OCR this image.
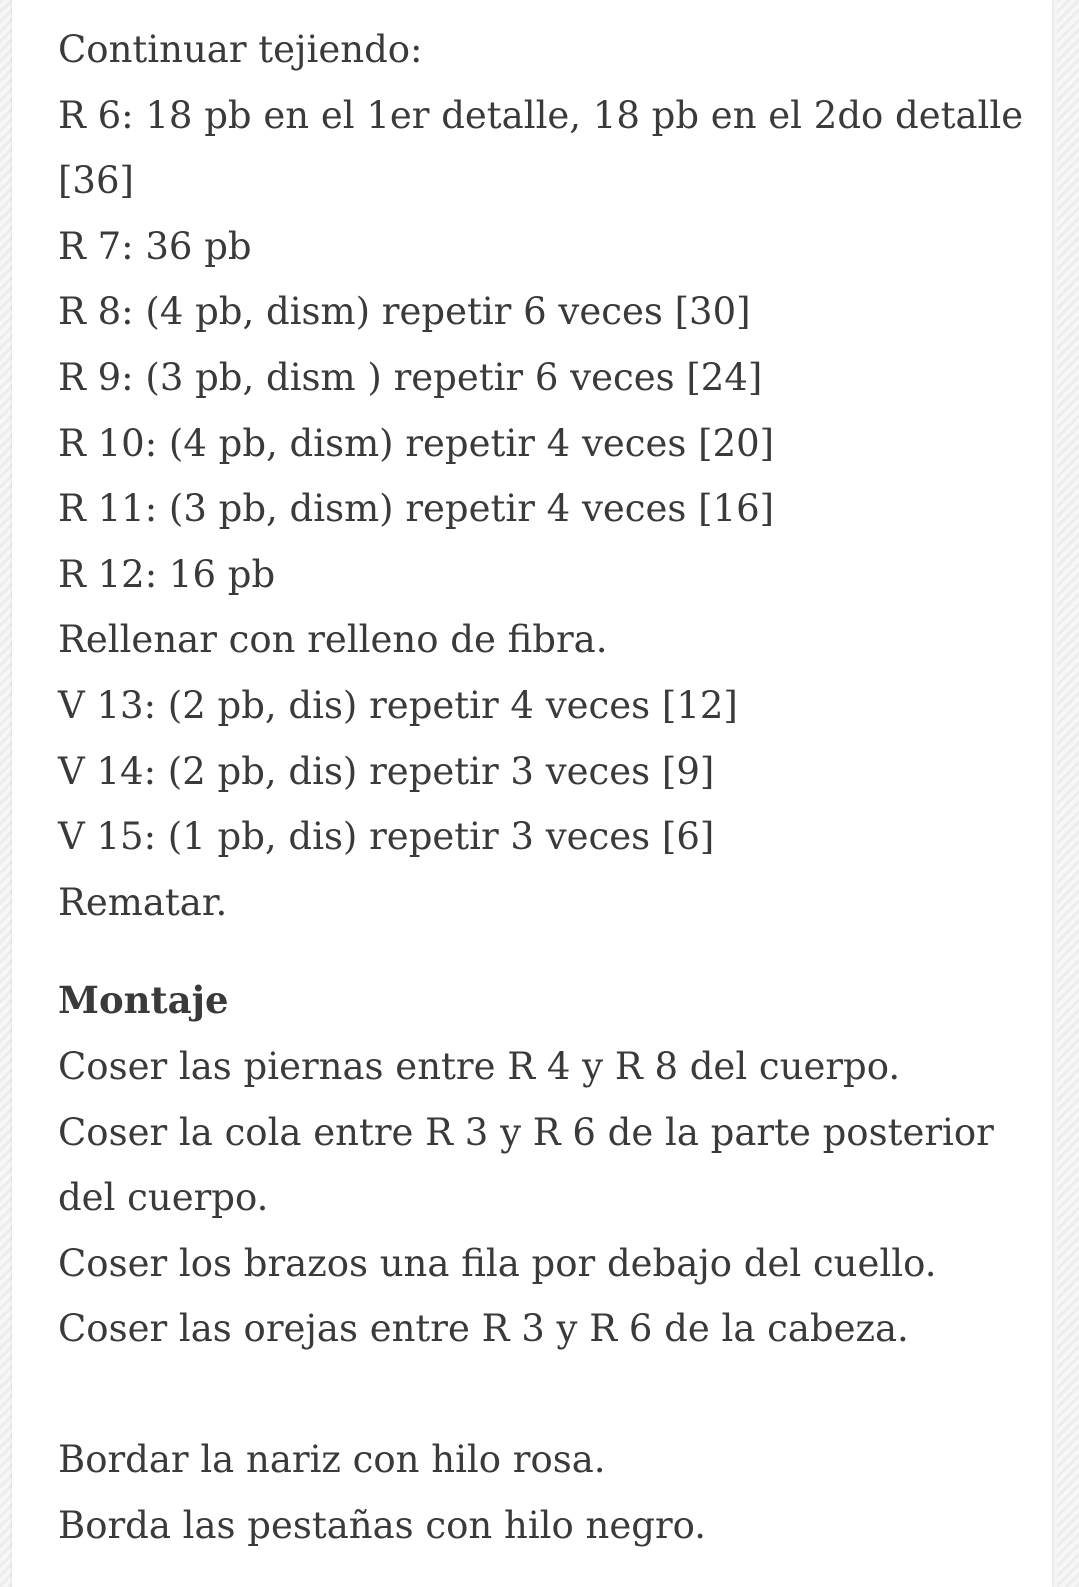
Continuar tejiendo:
R 6: 18 pb en el 1er detalle, 18 pb en el 2do detalle
[36]
R 7: 36 pb
R 8: (4 pb, dism) repetir 6 veces [30]
R 9: (3 pb, dism ) repetir 6 veces [24]
R 10: (4 pb, dism) repetir 4 veces [20]
R 11: (3 pb, dism) repetir 4 veces [16]
R 12: 16 pb
Rellenar con relleno de fibra.
V 13: (2 pb, dis) repetir 4 veces [12]
V 14: (2 pb, dis) repetir 3 veces [9]
V 15: (1 pb, dis) repetir 3 veces [6]
Rematar.
Montaje
Coser las piernas entre R 4 y R 8 del cuerpo.
Coser la cola entre R 3 y R 6 de la parte posterior
del cuerpo.
Coser los brazos una fila por debajo del cuello.
Coser las orejas entre R 3 y R 6 de la cabeza.
Bordar la nariz con hilo rosa.
Borda las pestañas con hilo negro.
